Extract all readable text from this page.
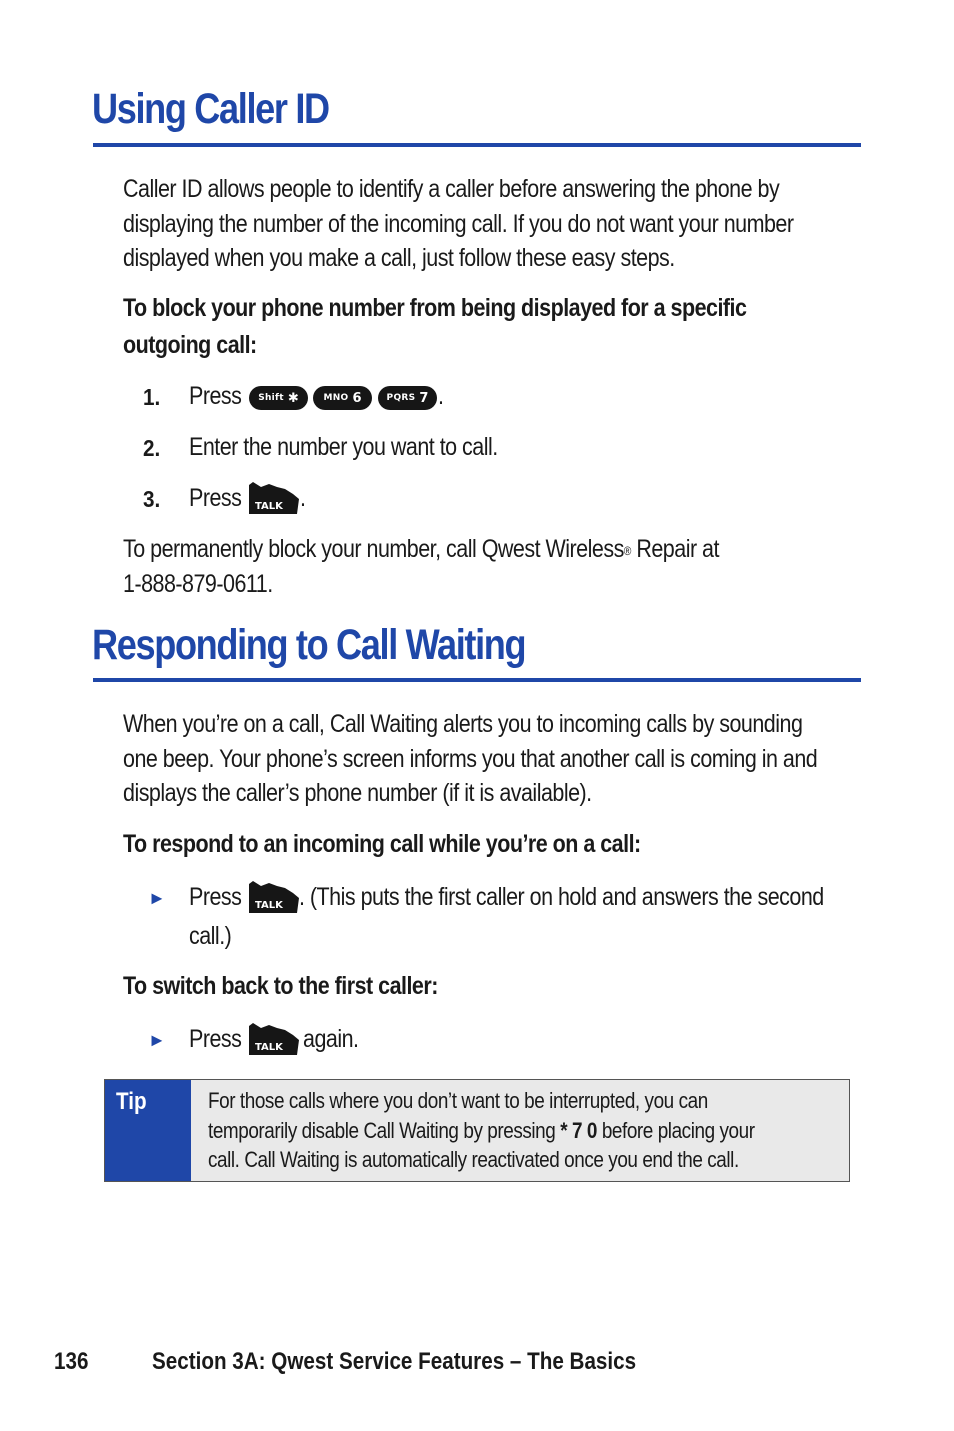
Using Caller ID

Caller ID allows people to identify a caller before answering the phone by
displaying the number of the incoming call. If you do not want your number
displayed when you make a call, just follow these easy steps.

To block your phone number from being displayed for a specific
outgoing call:

1. Press Shift ✱	MNO 6	PQRS 7 .
2. Enter the number you want to call.
3. Press TALK .

To permanently block your number, call Qwest Wireless® Repair at
1-888-879-0611.

Responding to Call Waiting

When you’re on a call, Call Waiting alerts you to incoming calls by sounding
one beep. Your phone’s screen informs you that another call is coming in and
displays the caller’s phone number (if it is available).

To respond to an incoming call while you’re on a call:

► Press TALK . (This puts the first caller on hold and answers the second
call.)

To switch back to the first caller:

► Press TALK again.
Tip	For those calls where you don’t want to be interrupted, you can
temporarily disable Call Waiting by pressing * 7 0 before placing your
call. Call Waiting is automatically reactivated once you end the call.

136	Section 3A: Qwest Service Features – The Basics
